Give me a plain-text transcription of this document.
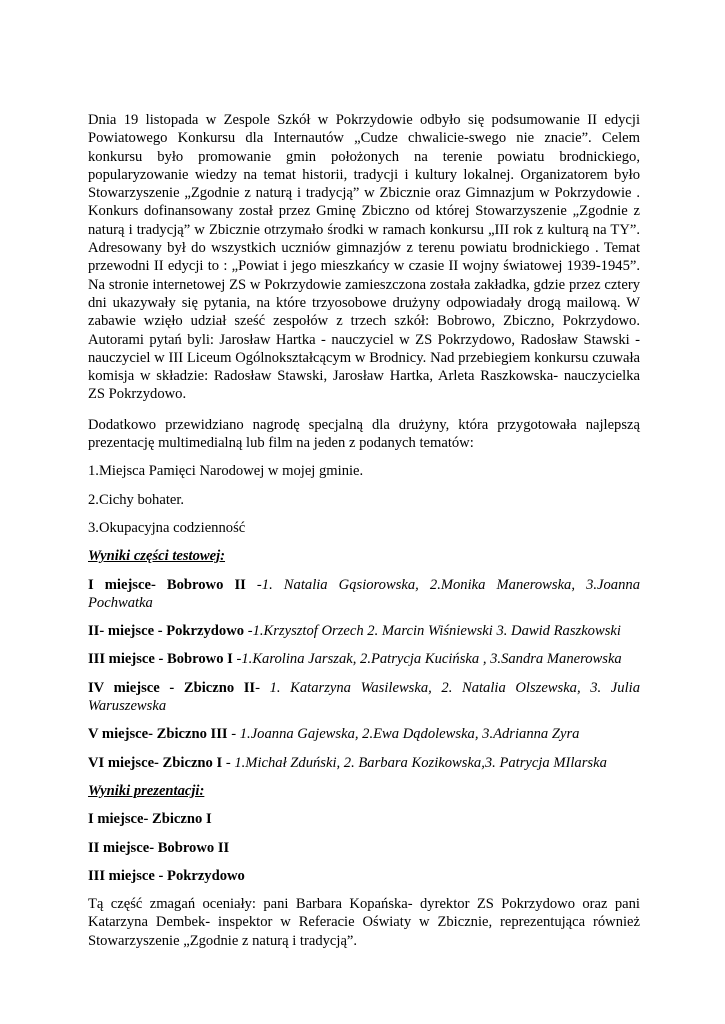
Dnia 19 listopada w Zespole Szkół w Pokrzydowie odbyło się podsumowanie II edycji Powiatowego Konkursu dla Internautów „Cudze chwalicie-swego nie znacie”. Celem konkursu było promowanie gmin położonych na terenie powiatu brodnickiego, popularyzowanie wiedzy na temat historii, tradycji i kultury lokalnej. Organizatorem było Stowarzyszenie „Zgodnie z naturą i tradycją” w Zbicznie oraz Gimnazjum w Pokrzydowie . Konkurs dofinansowany został przez Gminę Zbiczno od której Stowarzyszenie „Zgodnie z naturą i tradycją” w Zbicznie otrzymało środki w ramach konkursu „III rok z kulturą na TY”. Adresowany był do wszystkich uczniów gimnazjów z terenu powiatu brodnickiego . Temat przewodni II edycji to : „Powiat i jego mieszkańcy w czasie II wojny światowej 1939-1945”. Na stronie internetowej ZS w Pokrzydowie zamieszczona została zakładka, gdzie przez cztery dni ukazywały się pytania, na które trzyosobowe drużyny odpowiadały drogą mailową. W zabawie wzięło udział sześć zespołów z trzech szkół: Bobrowo, Zbiczno, Pokrzydowo. Autorami pytań byli: Jarosław Hartka - nauczyciel w ZS Pokrzydowo, Radosław Stawski - nauczyciel w III Liceum Ogólnokształcącym w Brodnicy. Nad przebiegiem konkursu czuwała komisja w składzie: Radosław Stawski, Jarosław Hartka, Arleta Raszkowska- nauczycielka ZS Pokrzydowo.

Dodatkowo przewidziano nagrodę specjalną dla drużyny, która przygotowała najlepszą prezentację multimedialną lub film na jeden z podanych tematów:

1.Miejsca Pamięci Narodowej w mojej gminie.

2.Cichy bohater.

3.Okupacyjna codzienność

Wyniki części testowej:

I miejsce- Bobrowo II -1. Natalia Gąsiorowska, 2.Monika Manerowska, 3.Joanna Pochwatka

II- miejsce - Pokrzydowo -1.Krzysztof Orzech 2. Marcin Wiśniewski 3. Dawid Raszkowski

III miejsce - Bobrowo I -1.Karolina Jarszak, 2.Patrycja Kucińska , 3.Sandra Manerowska

IV miejsce - Zbiczno II- 1. Katarzyna Wasilewska, 2. Natalia Olszewska, 3. Julia Waruszewska

V miejsce- Zbiczno III - 1.Joanna Gajewska, 2.Ewa Dądolewska, 3.Adrianna Zyra

VI miejsce- Zbiczno I - 1.Michał Zduński, 2. Barbara Kozikowska,3. Patrycja MIlarska

Wyniki prezentacji:

I miejsce- Zbiczno I

II miejsce- Bobrowo II

III miejsce - Pokrzydowo

Tą część zmagań oceniały: pani Barbara Kopańska- dyrektor ZS Pokrzydowo oraz pani Katarzyna Dembek- inspektor w Referacie Oświaty w Zbicznie, reprezentująca również Stowarzyszenie „Zgodnie z naturą i tradycją”.
